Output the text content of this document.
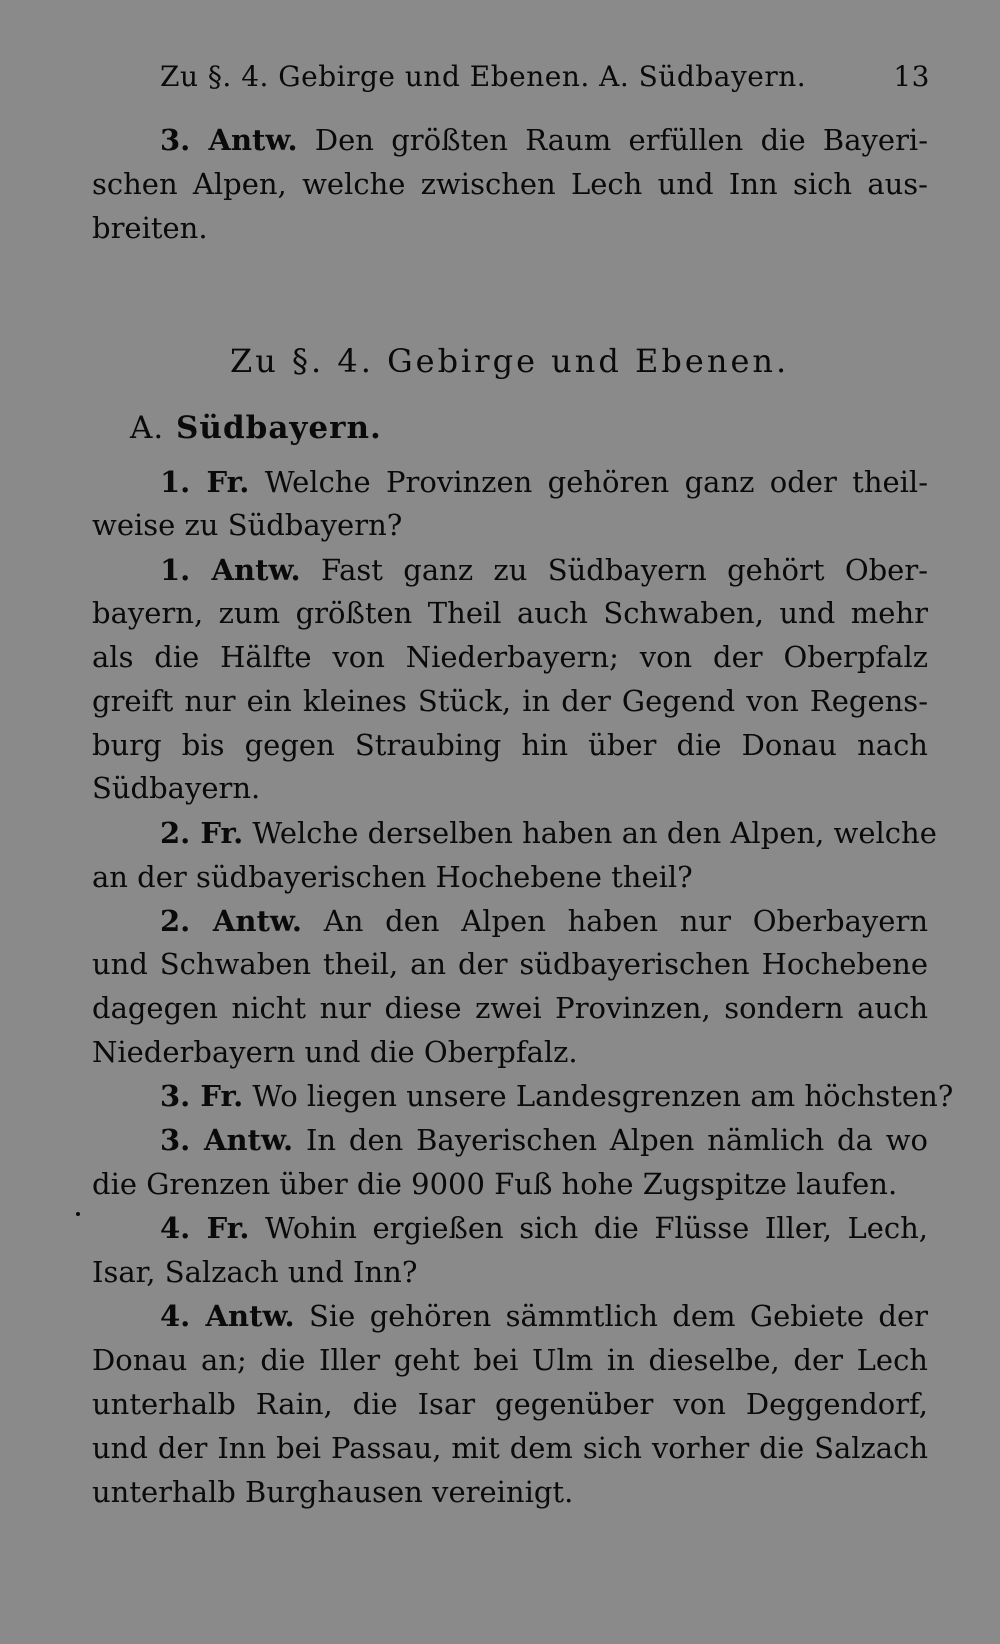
Zu §. 4. Gebirge und Ebenen. A. Südbayern.	13
3. Antw. Den größten Raum erfüllen die Bayeri-
schen Alpen, welche zwischen Lech und Inn sich aus-
breiten.
Zu §. 4. Gebirge und Ebenen.
A. Südbayern.
1. Fr. Welche Provinzen gehören ganz oder theil-
weise zu Südbayern?
1. Antw. Fast ganz zu Südbayern gehört Ober-
bayern, zum größten Theil auch Schwaben, und mehr
als die Hälfte von Niederbayern; von der Oberpfalz
greift nur ein kleines Stück, in der Gegend von Regens-
burg bis gegen Straubing hin über die Donau nach
Südbayern.
2. Fr. Welche derselben haben an den Alpen, welche
an der südbayerischen Hochebene theil?
2. Antw. An den Alpen haben nur Oberbayern
und Schwaben theil, an der südbayerischen Hochebene
dagegen nicht nur diese zwei Provinzen, sondern auch
Niederbayern und die Oberpfalz.
3. Fr. Wo liegen unsere Landesgrenzen am höchsten?
3. Antw. In den Bayerischen Alpen nämlich da wo
die Grenzen über die 9000 Fuß hohe Zugspitze laufen.
4. Fr. Wohin ergießen sich die Flüsse Iller, Lech,
Isar, Salzach und Inn?
4. Antw. Sie gehören sämmtlich dem Gebiete der
Donau an; die Iller geht bei Ulm in dieselbe, der Lech
unterhalb Rain, die Isar gegenüber von Deggendorf,
und der Inn bei Passau, mit dem sich vorher die Salzach
unterhalb Burghausen vereinigt.
